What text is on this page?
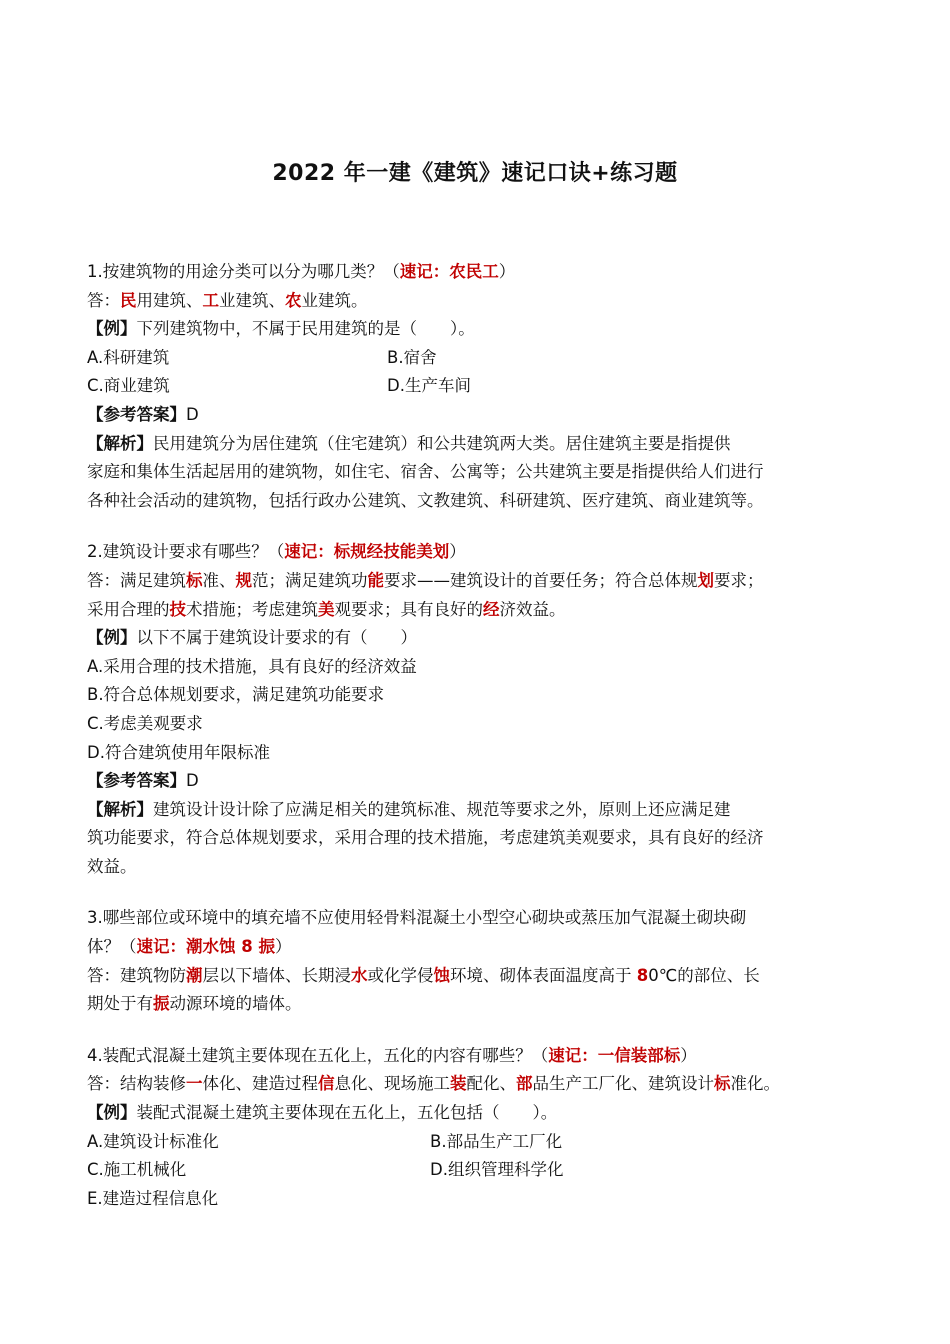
2022 年一建《建筑》速记口诀+练习题
1.按建筑物的用途分类可以分为哪几类？（速记：农民工）
答：民用建筑、工业建筑、农业建筑。
【例】下列建筑物中，不属于民用建筑的是（　　）。
A.科研建筑	B.宿舍
C.商业建筑	D.生产车间
【参考答案】D
【解析】民用建筑分为居住建筑（住宅建筑）和公共建筑两大类。居住建筑主要是指提供
家庭和集体生活起居用的建筑物，如住宅、宿舍、公寓等；公共建筑主要是指提供给人们进行
各种社会活动的建筑物，包括行政办公建筑、文教建筑、科研建筑、医疗建筑、商业建筑等。
2.建筑设计要求有哪些？（速记：标规经技能美划）
答：满足建筑标准、规范；满足建筑功能要求——建筑设计的首要任务；符合总体规划要求；
采用合理的技术措施；考虑建筑美观要求；具有良好的经济效益。
【例】以下不属于建筑设计要求的有（　　）
A.采用合理的技术措施，具有良好的经济效益
B.符合总体规划要求，满足建筑功能要求
C.考虑美观要求
D.符合建筑使用年限标准
【参考答案】D
【解析】建筑设计设计除了应满足相关的建筑标准、规范等要求之外，原则上还应满足建
筑功能要求，符合总体规划要求，采用合理的技术措施，考虑建筑美观要求，具有良好的经济
效益。
3.哪些部位或环境中的填充墙不应使用轻骨料混凝土小型空心砌块或蒸压加气混凝土砌块砌
体？（速记：潮水蚀 8 振）
答：建筑物防潮层以下墙体、长期浸水或化学侵蚀环境、砌体表面温度高于 80℃的部位、长
期处于有振动源环境的墙体。
4.装配式混凝土建筑主要体现在五化上，五化的内容有哪些？（速记：一信装部标）
答：结构装修一体化、建造过程信息化、现场施工装配化、部品生产工厂化、建筑设计标准化。
【例】装配式混凝土建筑主要体现在五化上，五化包括（　　）。
A.建筑设计标准化	B.部品生产工厂化
C.施工机械化	D.组织管理科学化
E.建造过程信息化
